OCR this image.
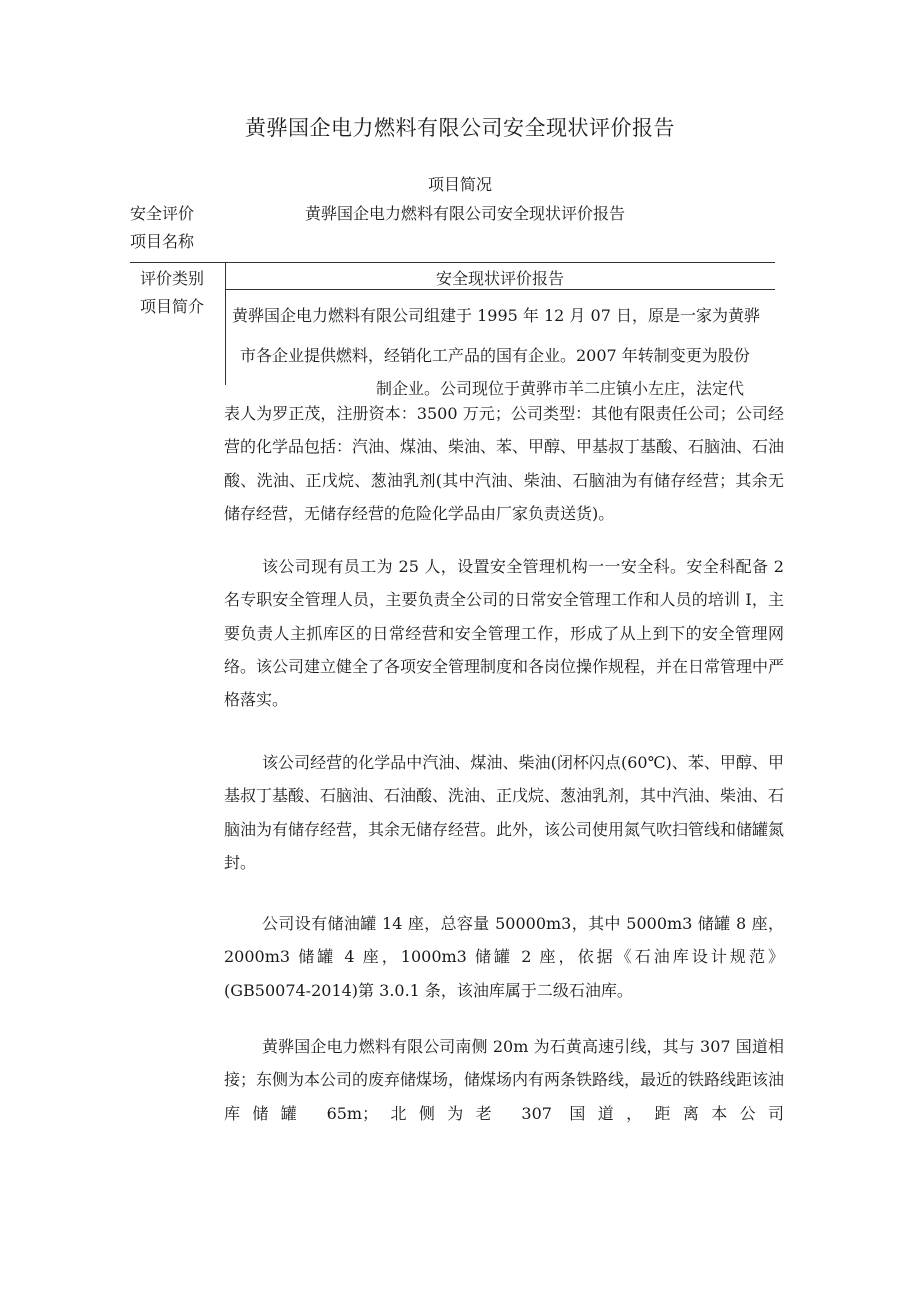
黄骅国企电力燃料有限公司安全现状评价报告
项目简况
安全评价
项目名称
黄骅国企电力燃料有限公司安全现状评价报告
评价类别	安全现状评价报告
项目简介 黄骅国企电力燃料有限公司组建于 1995 年 12 月 07 日，原是一家为黄骅
市各企业提供燃料，经销化工产品的国有企业。2007 年转制变更为股份
制企业。公司现位于黄骅市羊二庄镇小左庄，法定代

表人为罗正茂，注册资本：3500 万元；公司类型：其他有限责任公司；公司经营的化学品包括：汽油、煤油、柴油、苯、甲醇、甲基叔丁基酸、石脑油、石油酸、洗油、正戊烷、葱油乳剂(其中汽油、柴油、石脑油为有储存经营；其余无储存经营，无储存经营的危险化学品由厂家负责送货)。

该公司现有员工为 25 人，设置安全管理机构一一安全科。安全科配备 2 名专职安全管理人员，主要负责全公司的日常安全管理工作和人员的培训 I，主要负责人主抓库区的日常经营和安全管理工作，形成了从上到下的安全管理网络。该公司建立健全了各项安全管理制度和各岗位操作规程，并在日常管理中严格落实。

该公司经营的化学品中汽油、煤油、柴油(闭杯闪点(60℃)、苯、甲醇、甲基叔丁基酸、石脑油、石油酸、洗油、正戊烷、葱油乳剂，其中汽油、柴油、石脑油为有储存经营，其余无储存经营。此外，该公司使用氮气吹扫管线和储罐氮封。

公司设有储油罐 14 座，总容量 50000m3，其中 5000m3 储罐 8 座，2000m3 储罐 4 座，1000m3 储罐 2 座，依据《石油库设计规范》(GB50074-2014)第 3.0.1 条，该油库属于二级石油库。

黄骅国企电力燃料有限公司南侧 20m 为石黄高速引线，其与 307 国道相接；东侧为本公司的废弃储煤场，储煤场内有两条铁路线，最近的铁路线距该油库储罐 65m；北侧为老 307 国道，距离本公司
